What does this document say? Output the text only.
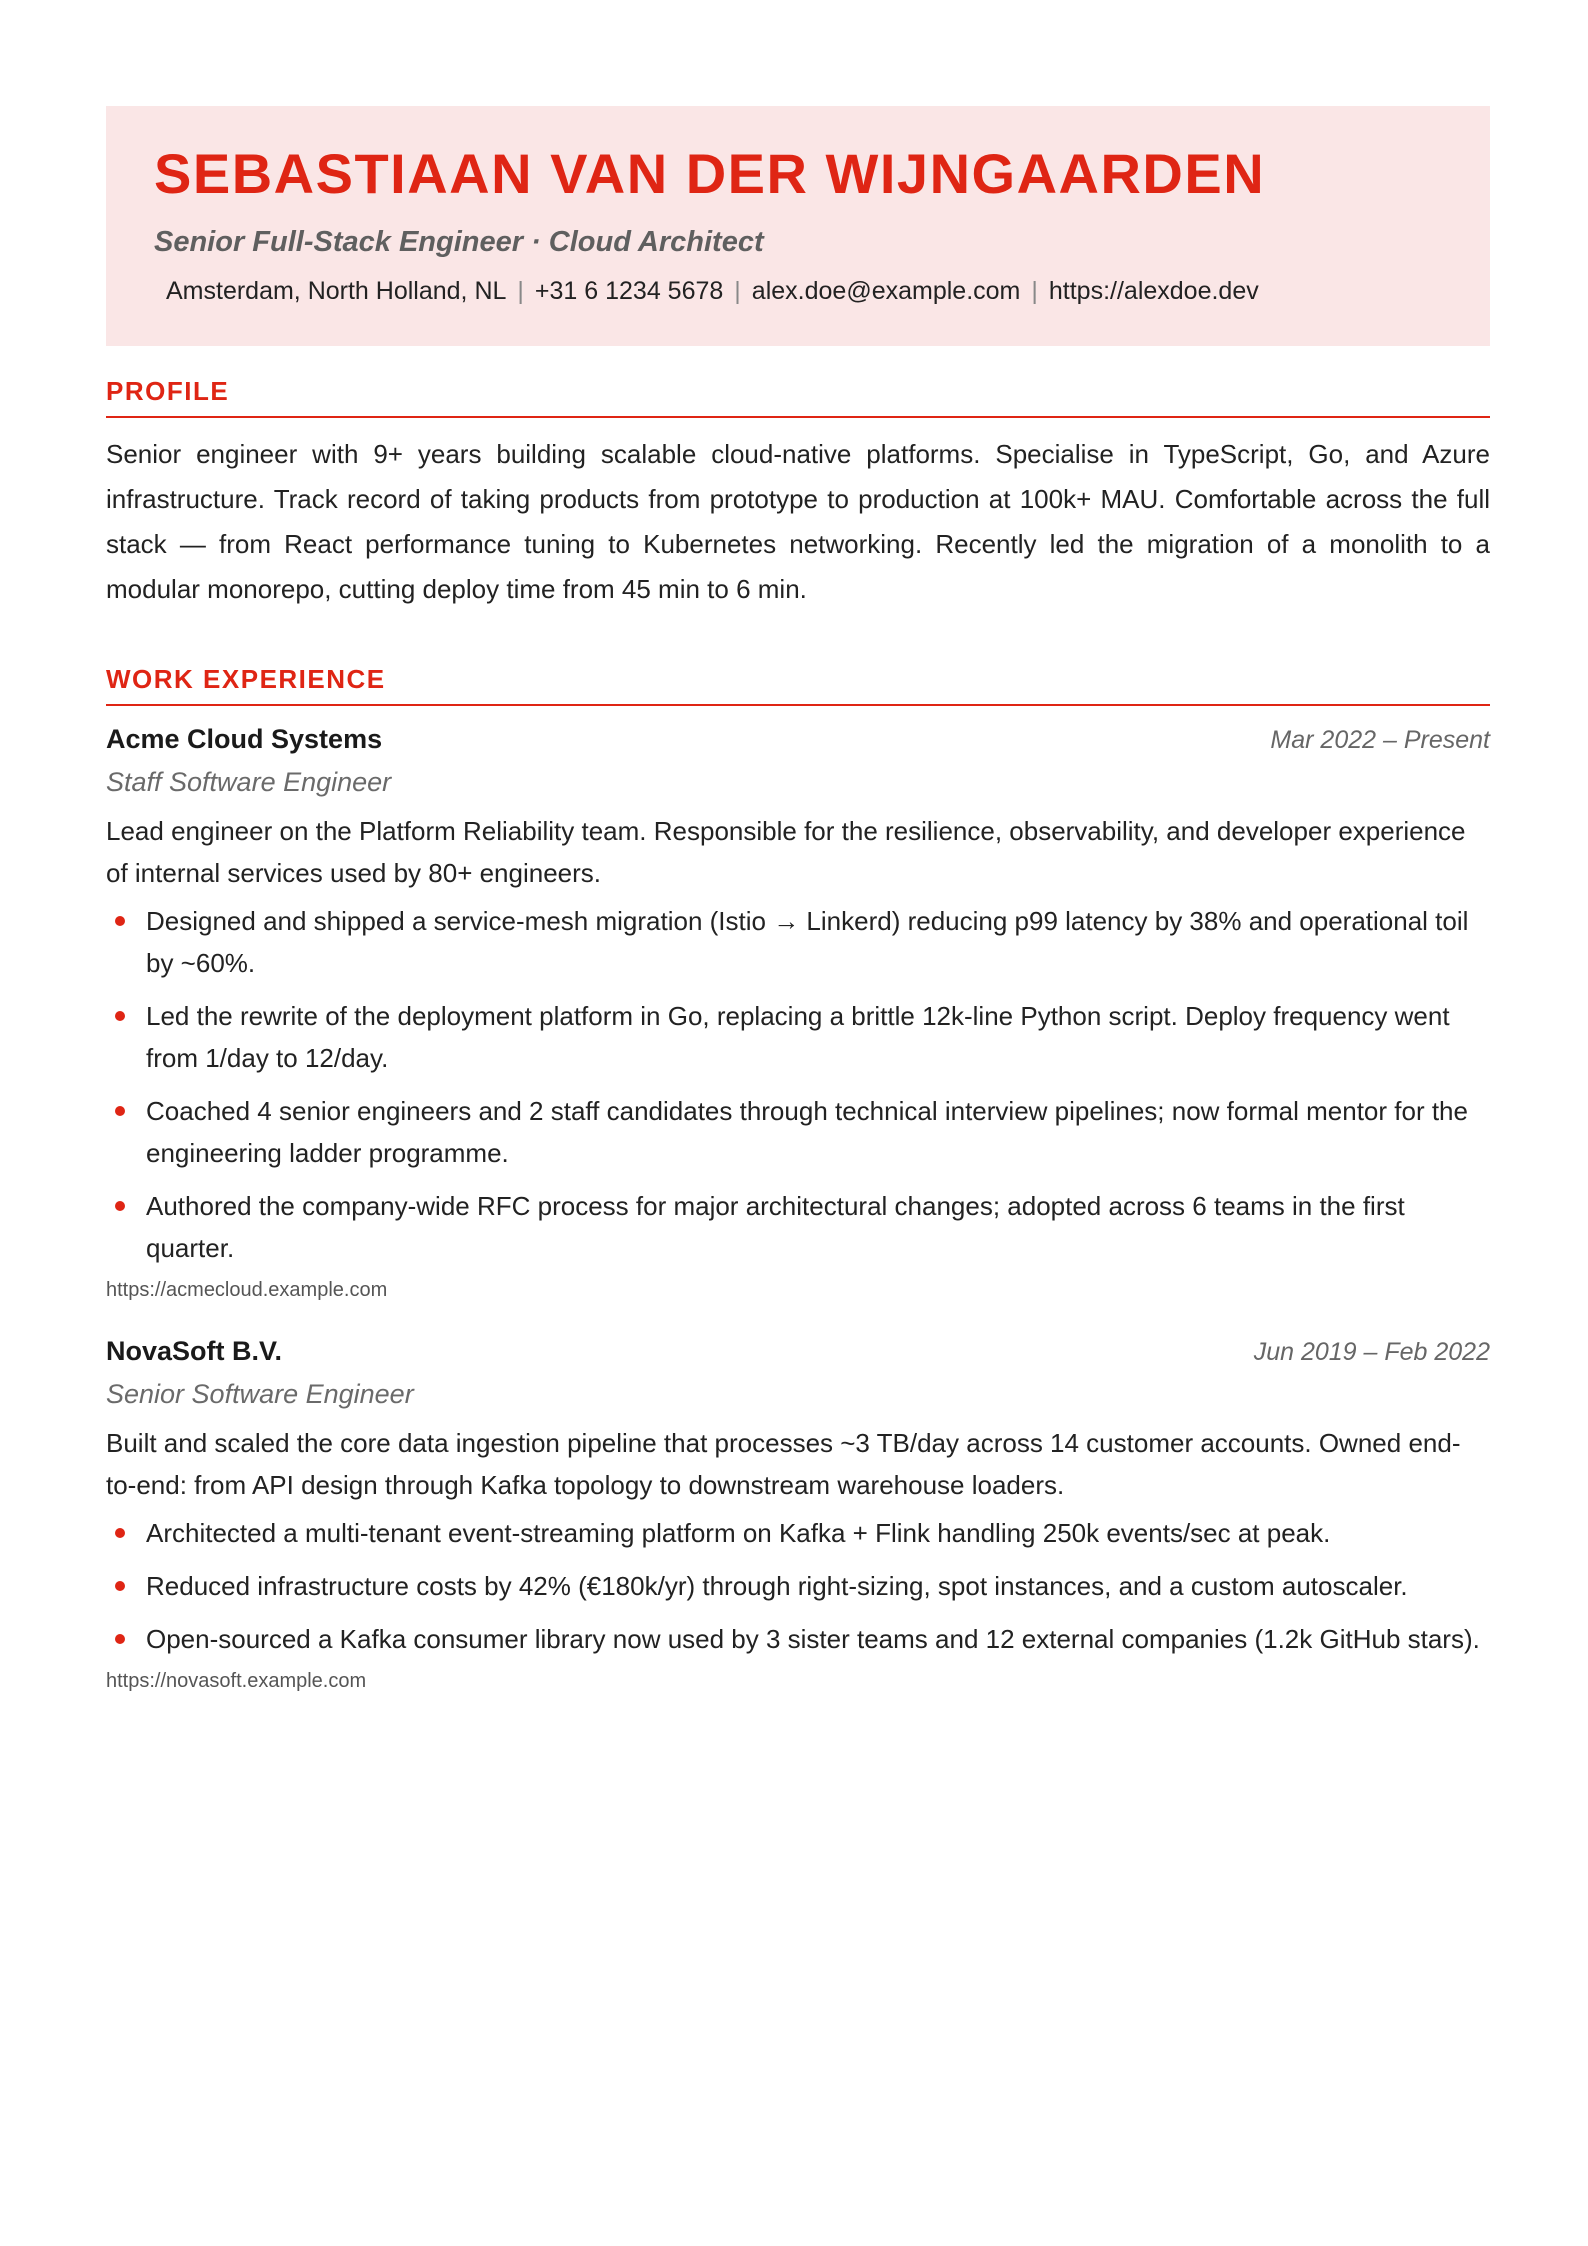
SEBASTIAAN VAN DER WIJNGAARDEN
Senior Full-Stack Engineer · Cloud Architect
Amsterdam, North Holland, NL | +31 6 1234 5678 | alex.doe@example.com | https://alexdoe.dev
PROFILE
Senior engineer with 9+ years building scalable cloud-native platforms. Specialise in TypeScript, Go, and Azure infrastructure. Track record of taking products from prototype to production at 100k+ MAU. Comfortable across the full stack — from React performance tuning to Kubernetes networking. Recently led the migration of a monolith to a modular monorepo, cutting deploy time from 45 min to 6 min.
WORK EXPERIENCE
Acme Cloud Systems	Mar 2022 – Present
Staff Software Engineer
Lead engineer on the Platform Reliability team. Responsible for the resilience, observability, and developer experience of internal services used by 80+ engineers.
Designed and shipped a service-mesh migration (Istio → Linkerd) reducing p99 latency by 38% and operational toil by ~60%.
Led the rewrite of the deployment platform in Go, replacing a brittle 12k-line Python script. Deploy frequency went from 1/day to 12/day.
Coached 4 senior engineers and 2 staff candidates through technical interview pipelines; now formal mentor for the engineering ladder programme.
Authored the company-wide RFC process for major architectural changes; adopted across 6 teams in the first quarter.
https://acmecloud.example.com
NovaSoft B.V.	Jun 2019 – Feb 2022
Senior Software Engineer
Built and scaled the core data ingestion pipeline that processes ~3 TB/day across 14 customer accounts. Owned end-to-end: from API design through Kafka topology to downstream warehouse loaders.
Architected a multi-tenant event-streaming platform on Kafka + Flink handling 250k events/sec at peak.
Reduced infrastructure costs by 42% (€180k/yr) through right-sizing, spot instances, and a custom autoscaler.
Open-sourced a Kafka consumer library now used by 3 sister teams and 12 external companies (1.2k GitHub stars).
https://novasoft.example.com
